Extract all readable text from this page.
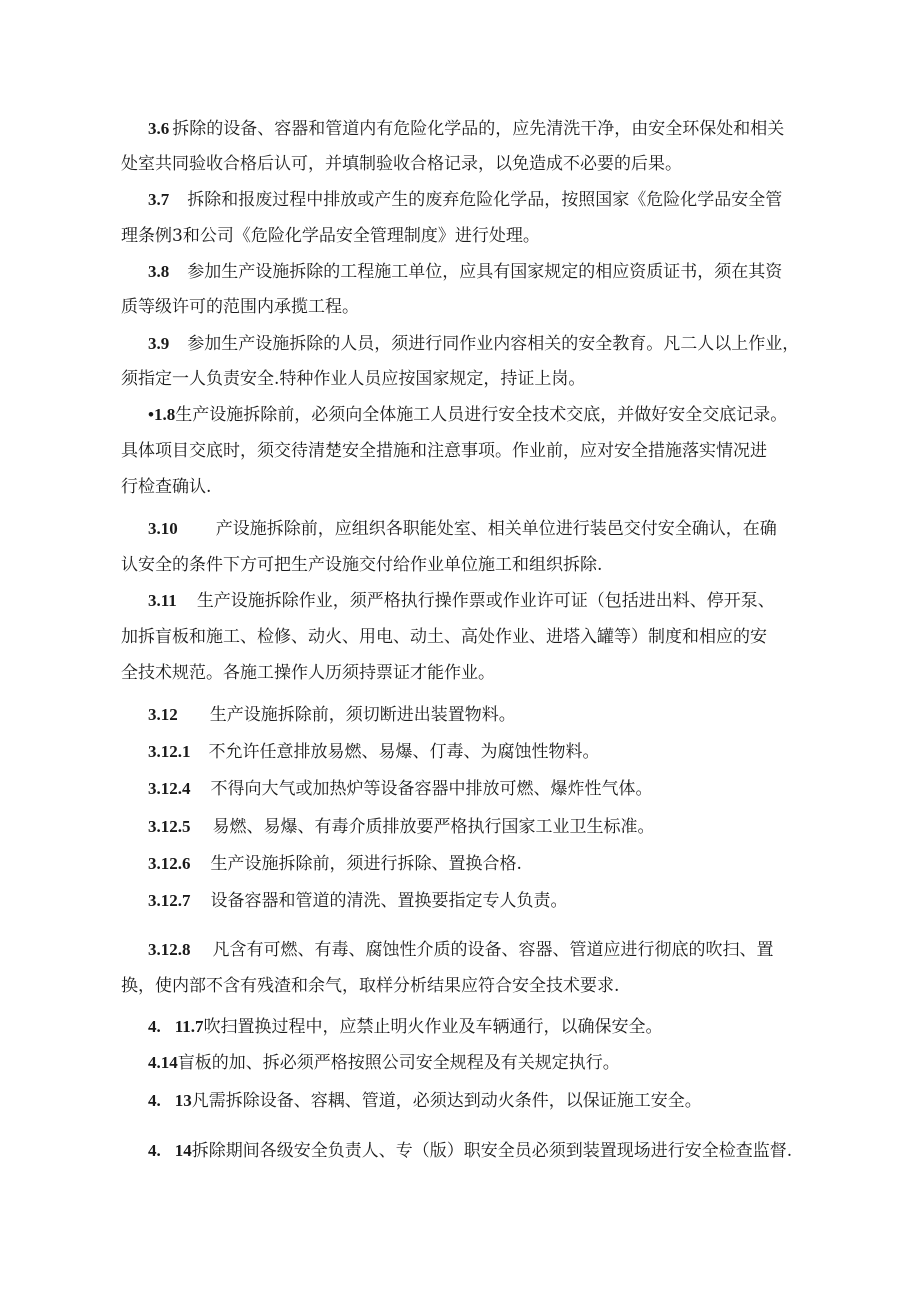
3.6 拆除的设备、容器和管道内有危险化学品的，应先清洗干净，由安全环保处和相关
处室共同验收合格后认可，并填制验收合格记录，以免造成不必要的后果。
3.7 拆除和报废过程中排放或产生的废弃危险化学品，按照国家《危险化学品安全管
理条例3和公司《危险化学品安全管理制度》进行处理。
3.8 参加生产设施拆除的工程施工单位，应具有国家规定的相应资质证书，须在其资
质等级许可的范围内承揽工程。
3.9 参加生产设施拆除的人员，须进行同作业内容相关的安全教育。凡二人以上作业，
须指定一人负责安全.特种作业人员应按国家规定，持证上岗。
•1.8生产设施拆除前，必须向全体施工人员进行安全技术交底，并做好安全交底记录。
具体项目交底时，须交待清楚安全措施和注意事项。作业前，应对安全措施落实情况进
行检查确认.
3.10 产设施拆除前，应组织各职能处室、相关单位进行装邑交付安全确认，在确
认安全的条件下方可把生产设施交付给作业单位施工和组织拆除.
3.11 生产设施拆除作业，须严格执行操作票或作业许可证（包括进出料、停开泵、
加拆盲板和施工、检修、动火、用电、动土、高处作业、进塔入罐等）制度和相应的安
全技术规范。各施工操作人历须持票证才能作业。
3.12 生产设施拆除前，须切断进出装置物料。
3.12.1 不允许任意排放易燃、易爆、仃毒、为腐蚀性物料。
3.12.4 不得向大气或加热炉等设备容器中排放可燃、爆炸性气体。
3.12.5 易燃、易爆、有毒介质排放要严格执行国家工业卫生标准。
3.12.6 生产设施拆除前，须进行拆除、置换合格.
3.12.7 设备容器和管道的清洗、置换要指定专人负责。
3.12.8 凡含有可燃、有毒、腐蚀性介质的设备、容器、管道应进行彻底的吹扫、置
换，使内部不含有残渣和余气，取样分析结果应符合安全技术要求.
4. 11.7吹扫置换过程中，应禁止明火作业及车辆通行，以确保安全。
4.14盲板的加、拆必须严格按照公司安全规程及有关规定执行。
4. 13凡需拆除设备、容耦、管道，必须达到动火条件，以保证施工安全。
4. 14拆除期间各级安全负责人、专（版）职安全员必须到装置现场进行安全检查监督.
